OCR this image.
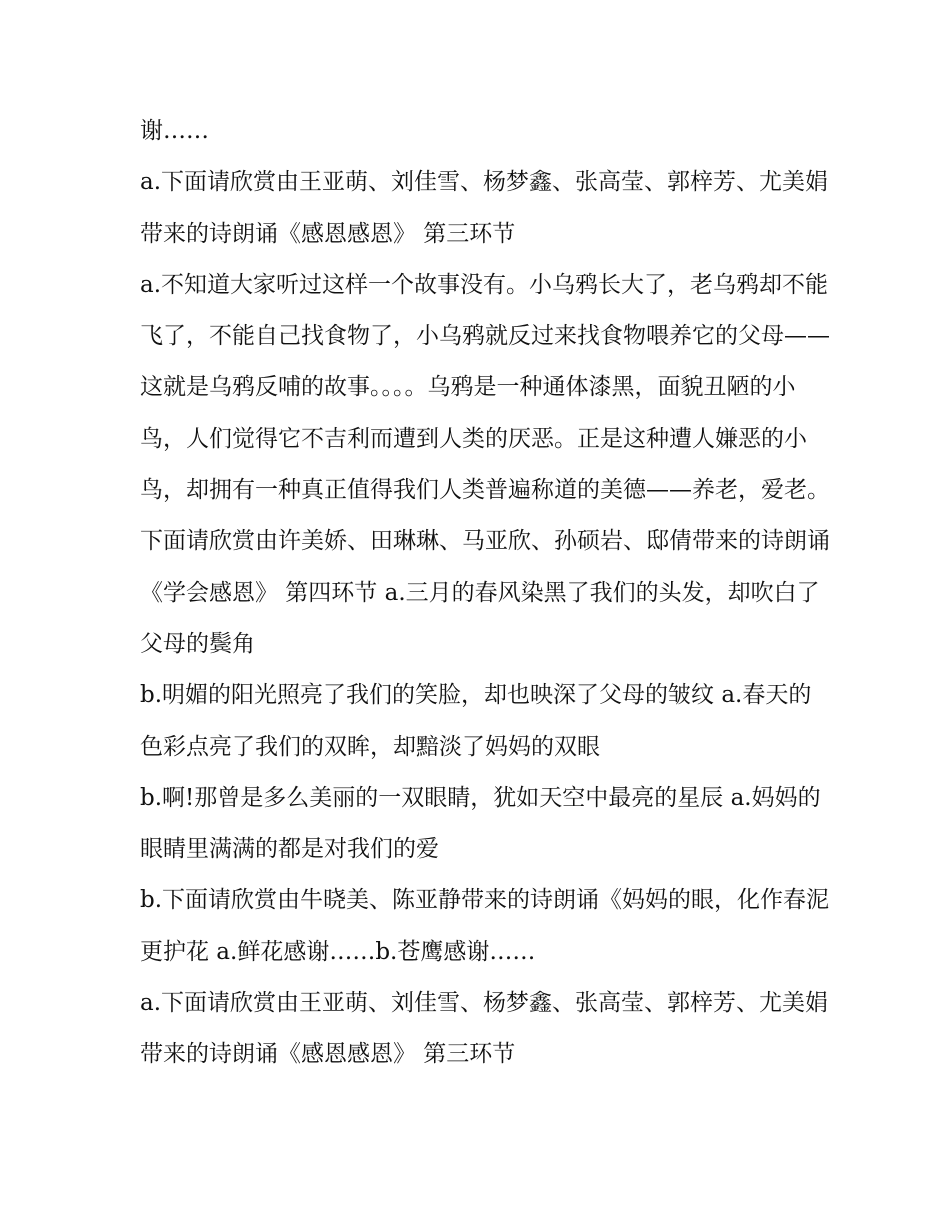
谢……

a.下面请欣赏由王亚萌、刘佳雪、杨梦鑫、张高莹、郭梓芳、尤美娟带来的诗朗诵《感恩感恩》 第三环节

a.不知道大家听过这样一个故事没有。小乌鸦长大了，老乌鸦却不能飞了，不能自己找食物了，小乌鸦就反过来找食物喂养它的父母——这就是乌鸦反哺的故事。。。。乌鸦是一种通体漆黑，面貌丑陋的小鸟，人们觉得它不吉利而遭到人类的厌恶。正是这种遭人嫌恶的小鸟，却拥有一种真正值得我们人类普遍称道的美德——养老，爱老。

下面请欣赏由许美娇、田琳琳、马亚欣、孙硕岩、邸倩带来的诗朗诵《学会感恩》 第四环节 a.三月的春风染黑了我们的头发，却吹白了父母的鬓角

b.明媚的阳光照亮了我们的笑脸，却也映深了父母的皱纹 a.春天的色彩点亮了我们的双眸，却黯淡了妈妈的双眼

b.啊!那曾是多么美丽的一双眼睛，犹如天空中最亮的星辰 a.妈妈的眼睛里满满的都是对我们的爱

b.下面请欣赏由牛晓美、陈亚静带来的诗朗诵《妈妈的眼，化作春泥更护花 a.鲜花感谢……b.苍鹰感谢……

a.下面请欣赏由王亚萌、刘佳雪、杨梦鑫、张高莹、郭梓芳、尤美娟带来的诗朗诵《感恩感恩》 第三环节
